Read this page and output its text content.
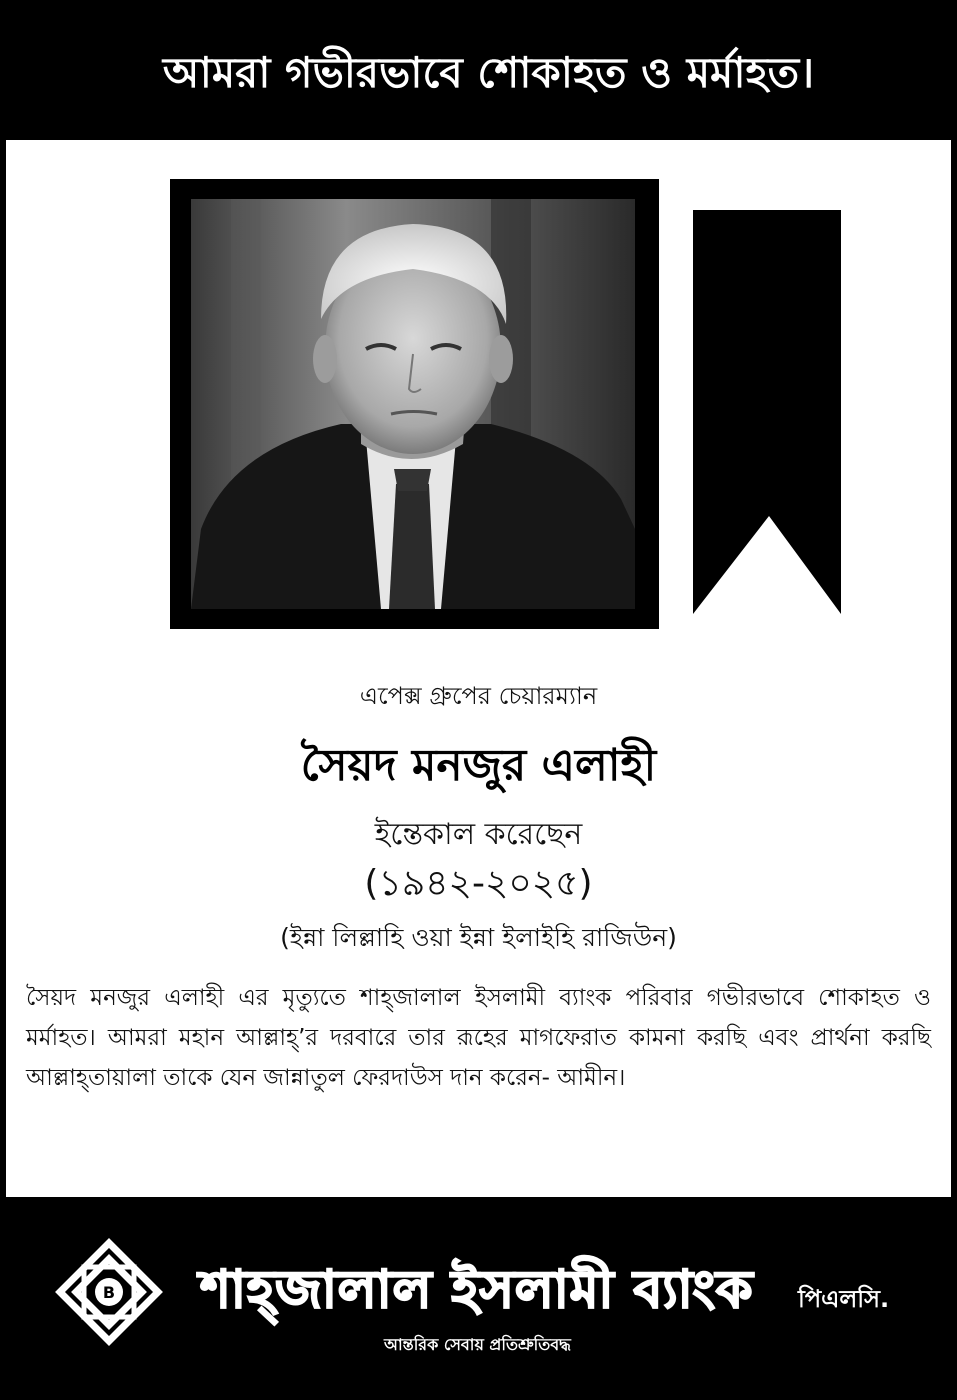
আমরা গভীরভাবে শোকাহত ও মর্মাহত।
এপেক্স গ্রুপের চেয়ারম্যান
সৈয়দ মনজুর এলাহী
ইন্তেকাল করেছেন
(১৯৪২-২০২৫)
(ইন্না লিল্লাহি ওয়া ইন্না ইলাইহি রাজিউন)
সৈয়দ মনজুর এলাহী এর মৃত্যুতে শাহ্‌জালাল ইসলামী ব্যাংক পরিবার গভীরভাবে শোকাহত ও মর্মাহত। আমরা মহান আল্লাহ্‌’র দরবারে তার রূহের মাগফেরাত কামনা করছি এবং প্রার্থনা করছি আল্লাহ্‌তায়ালা তাকে যেন জান্নাতুল ফেরদাউস দান করেন- আমীন।
B শাহ্‌জালাল ইসলামী ব্যাংক পিএলসি.
আন্তরিক সেবায় প্রতিশ্রুতিবদ্ধ
